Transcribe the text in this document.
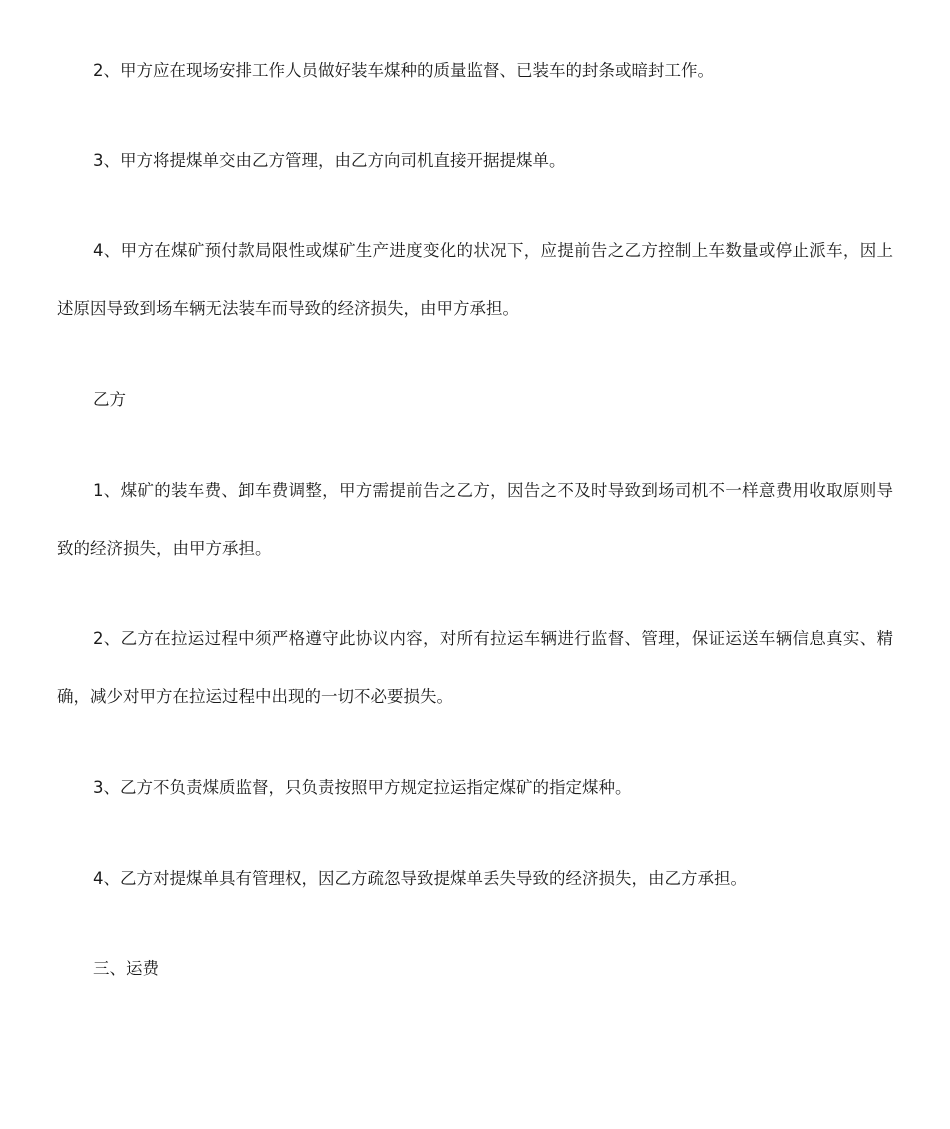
2、甲方应在现场安排工作人员做好装车煤种的质量监督、已装车的封条或暗封工作。

3、甲方将提煤单交由乙方管理，由乙方向司机直接开据提煤单。

4、甲方在煤矿预付款局限性或煤矿生产进度变化的状况下，应提前告之乙方控制上车数量或停止派车，因上述原因导致到场车辆无法装车而导致的经济损失，由甲方承担。

乙方

1、煤矿的装车费、卸车费调整，甲方需提前告之乙方，因告之不及时导致到场司机不一样意费用收取原则导致的经济损失，由甲方承担。

2、乙方在拉运过程中须严格遵守此协议内容，对所有拉运车辆进行监督、管理，保证运送车辆信息真实、精确，减少对甲方在拉运过程中出现的一切不必要损失。

3、乙方不负责煤质监督，只负责按照甲方规定拉运指定煤矿的指定煤种。

4、乙方对提煤单具有管理权，因乙方疏忽导致提煤单丢失导致的经济损失，由乙方承担。

三、运费
